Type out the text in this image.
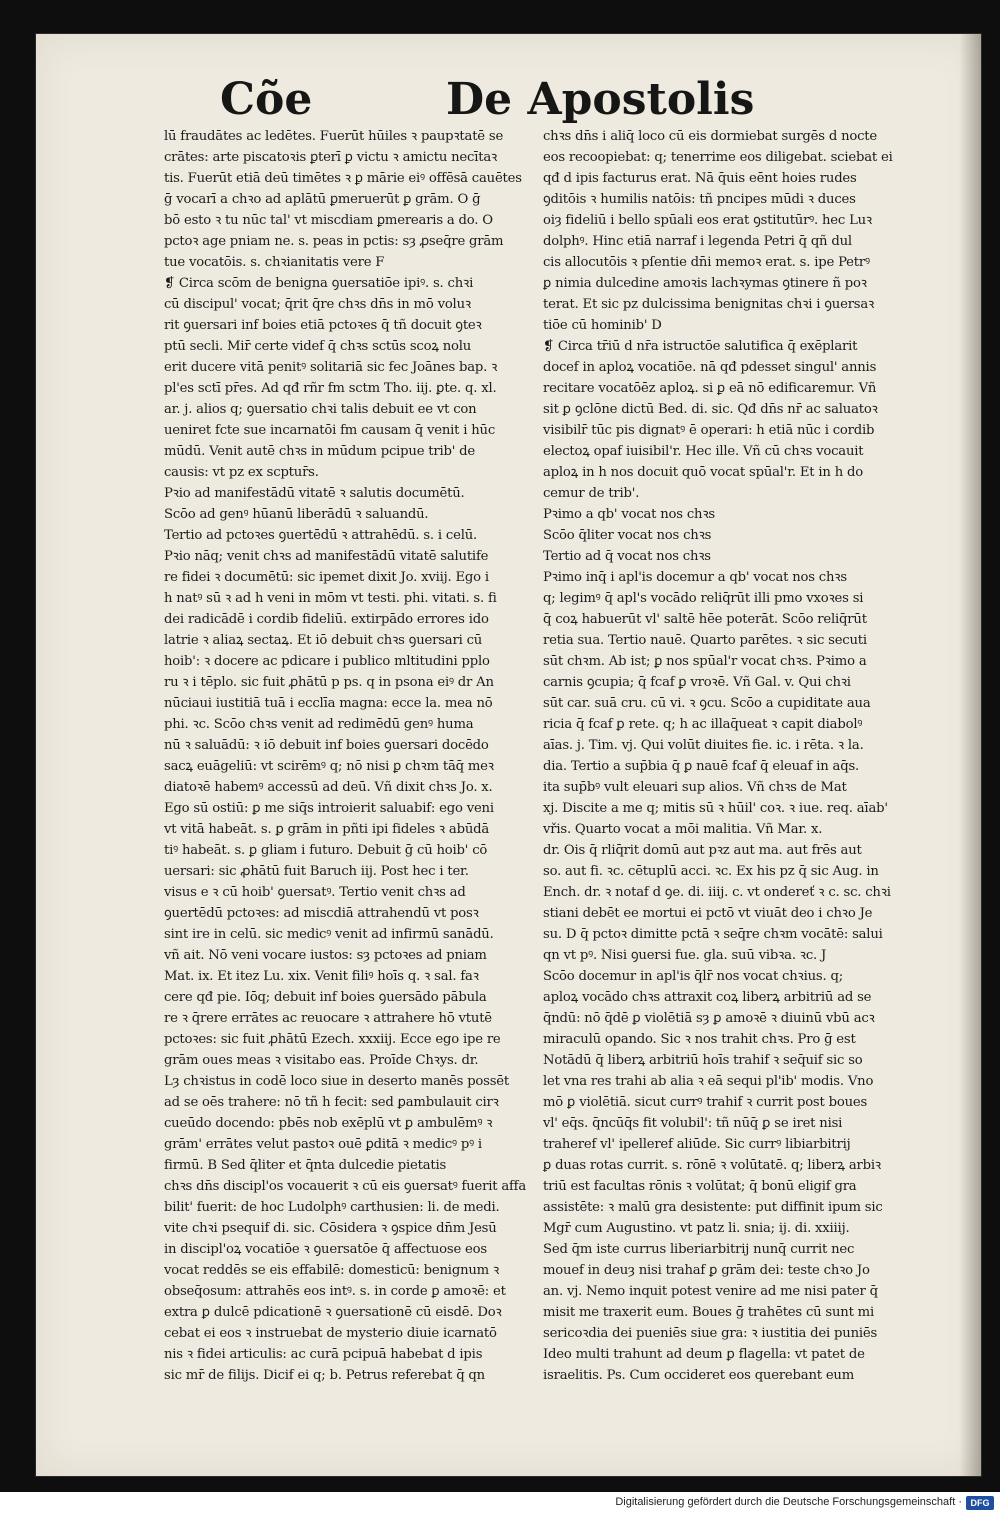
Cõe	De Apostolis
lū fraudātes ac ledētes. Fuerūt hūiles ꝛ paupꝛtatē se
crātes: arte piscatoꝛis ꝑterī ꝑ victu ꝛ amictu necītaꝛ
tis. Fuerūt etiā deū timētes ꝛ ꝑ mārie eiꝰ offēsā cauētes
ḡ vocarī a chꝛo ad aplātū ꝑmeruerūt ꝑ grām. O ḡ
bō esto ꝛ tu nūc tal' vt miscdiam ꝑmerearis a do. O
pctoꝛ age pniam ne. s. peas in pctis: sȝ ꝓseq̄re grām
tue vocatōis. s. chꝛianitatis vere F
❡ Circa scōm de benigna ꝯuersatiōe ipiꝰ. s. chꝛi
cū discipul' vocat; q̄rit q̄re chꝛs dn̄s in mō voluꝛ
rit ꝯuersari inf boies etiā pctoꝛes q̄ tñ docuit ꝯteꝛ
ptū secli. Mir̄ certe videf q̄ chꝛs sctūs scoꝝ nolu
erit ducere vitā penitꝰ solitariā sic fec Joānes bap. ꝛ
pl'es sctī pr̄es. Ad qđ rñr fm sctm Tho. iij. ꝑte. q. xl.
ar. j. alios q; ꝯuersatio chꝛi talis debuit ee vt con
ueniret fcte sue incarnatōi fm causam q̄ venit i hūc
mūdū. Venit autē chꝛs in mūdum pcipue trib' de
causis: vt pz ex scptur̄s.
Pꝛio ad manifestādū vitatē ꝛ salutis documētū.
Scōo ad genꝰ hūanū liberādū ꝛ saluandū.
Tertio ad pctoꝛes ꝯuertēdū ꝛ attrahēdū. s. i celū.
Pꝛio nāq; venit chꝛs ad manifestādū vitatē salutife
re fidei ꝛ documētū: sic ipemet dixit Jo. xviij. Ego i
h natꝰ sū ꝛ ad h veni in mōm vt testi. phi. vitati. s. fi
dei radicādē i cordib fideliū. extirpādo errores ido
latrie ꝛ aliaꝝ sectaꝝ. Et iō debuit chꝛs ꝯuersari cū
hoib': ꝛ docere ac pdicare i publico mltitudini pplo
ru ꝛ i tēplo. sic fuit ꝓhātū p ps. q in psona eiꝰ dr An
nūciaui iustitiā tuā i ecclīa magna: ecce la. mea nō
phi. ꝛc. Scōo chꝛs venit ad redimēdū genꝰ huma
nū ꝛ saluādū: ꝛ iō debuit inf boies ꝯuersari docēdo
sacꝝ euāgeliū: vt scirēmꝰ q; nō nisi ꝑ chꝛm tāq̄ meꝛ
diatoꝛē habemꝰ accessū ad deū. Vñ dixit chꝛs Jo. x.
Ego sū ostiū: ꝑ me siq̄s introierit saluabif: ego veni
vt vitā habeāt. s. ꝑ grām in pñti ipi fideles ꝛ abūdā
tiꝰ habeāt. s. ꝑ gliam i futuro. Debuit ḡ cū hoib' cō
uersari: sic ꝓhātū fuit Baruch iij. Post hec i ter.
visus e ꝛ cū hoib' ꝯuersatꝰ. Tertio venit chꝛs ad
ꝯuertēdū pctoꝛes: ad miscdiā attrahendū vt posꝛ
sint ire in celū. sic medicꝰ venit ad infirmū sanādū.
vñ ait. Nō veni vocare iustos: sȝ pctoꝛes ad pniam
Mat. ix. Et itez Lu. xix. Venit filiꝰ hoīs q. ꝛ sal. faꝛ
cere qđ pie. Iōq; debuit inf boies ꝯuersādo pābula
re ꝛ q̄rere errātes ac reuocare ꝛ attrahere hō vtutē
pctoꝛes: sic fuit ꝓhātū Ezech. xxxiij. Ecce ego ipe re
grām oues meas ꝛ visitabo eas. Proīde Chꝛys. dr.
Lȝ chꝛistus in codē loco siue in deserto manēs possēt
ad se oēs trahere: nō tñ h fecit: sed ꝑambulauit cirꝛ
cueūdo docendo: pbēs nob exēplū vt ꝑ ambulēmꝰ ꝛ
grām' errātes velut pastoꝛ ouē ꝑditā ꝛ medicꝰ pꝰ i
firmū. B Sed q̄liter et q̄nta dulcedie pietatis
chꝛs dn̄s discipl'os vocauerit ꝛ cū eis ꝯuersatꝰ fuerit affa
bilit' fuerit: de hoc Ludolphꝰ carthusien: li. de medi.
vite chꝛi psequif di. sic. Cōsidera ꝛ ꝯspice dn̄m Jesū
in discipl'oꝝ vocatiōe ꝛ ꝯuersatōe q̄ affectuose eos
vocat reddēs se eis effabilē: domesticū: benignum ꝛ
obseq̄osum: attrahēs eos intꝰ. s. in corde ꝑ amoꝛē: et
extra ꝑ dulcē pdicationē ꝛ ꝯuersationē cū eisdē. Doꝛ
cebat ei eos ꝛ instruebat de mysterio diuie icarnatō
nis ꝛ fidei articulis: ac curā pcipuā habebat d ipis
sic mr̄ de filijs. Dicif ei q; b. Petrus referebat q̄ qn
chꝛs dn̄s i aliq̄ loco cū eis dormiebat surgēs d nocte
eos recoopiebat: q; tenerrime eos diligebat. sciebat ei
qđ d ipis facturus erat. Nā q̄uis eēnt hoies rudes
ꝯditōis ꝛ humilis natōis: tñ pncipes mūdi ꝛ duces
oiȝ fideliū i bello spūali eos erat ꝯstitutūrꝰ. hec Luꝛ
dolphꝰ. Hinc etiā narraf i legenda Petri q̄ qñ dul
cis allocutōis ꝛ pſentie dn̄i memoꝛ erat. s. ipe Petrꝰ
ꝑ nimia dulcedine amoꝛis lachꝛymas ꝯtinere ñ poꝛ
terat. Et sic pz dulcissima benignitas chꝛi i ꝯuersaꝛ
tiōe cū hominib' D
❡ Circa tr̄iū d nr̄a istructōe salutifica q̄ exēplarit
docef in aploꝝ vocatiōe. nā qđ pdesset singul' annis
recitare vocatōēz aploꝝ. si ꝑ eā nō edificaremur. Vñ
sit ꝑ ꝯclōne dictū Bed. di. sic. Qđ dn̄s nr̄ ac saluatoꝛ
visibilr̄ tūc pis dignatꝰ ē operari: h etiā nūc i cordib
electoꝝ opaf iuisibil'r. Hec ille. Vñ cū chꝛs vocauit
aploꝝ in h nos docuit quō vocat spūal'r. Et in h do
cemur de trib'.
Pꝛimo a qb' vocat nos chꝛs
Scōo q̄liter vocat nos chꝛs
Tertio ad q̄ vocat nos chꝛs
Pꝛimo inq̄ i apl'is docemur a qb' vocat nos chꝛs
q; legimꝰ q̄ apl's vocādo reliq̄rūt illi pmo vxoꝛes si
q̄ coꝝ habuerūt vl' saltē hēe poterāt. Scōo reliq̄rūt
retia sua. Tertio nauē. Quarto parētes. ꝛ sic secuti
sūt chꝛm. Ab ist; ꝑ nos spūal'r vocat chꝛs. Pꝛimo a
carnis ꝯcupia; q̄ fcaf ꝑ vroꝛē. Vñ Gal. v. Qui chꝛi
sūt car. suā cru. cū vi. ꝛ ꝯcu. Scōo a cupiditate aua
ricia q̄ fcaf ꝑ rete. q; h ac illaq̄ueat ꝛ capit diabolꝰ
aīas. j. Tim. vj. Qui volūt diuites fie. ic. i rēta. ꝛ la.
dia. Tertio a sup̄bia q̄ ꝑ nauē fcaf q̄ eleuaf in aq̄s.
ita sup̄bꝰ vult eleuari sup alios. Vñ chꝛs de Mat
xj. Discite a me q; mitis sū ꝛ hūil' coꝛ. ꝛ iue. req. aīab'
vřis. Quarto vocat a mōi malitia. Vñ Mar. x.
dr. Ois q̄ rliq̄rit domū aut pꝛz aut ma. aut frēs aut
so. aut fi. ꝛc. cētuplū acci. ꝛc. Ex his pz q̄ sic Aug. in
Ench. dr. ꝛ notaf d ꝯe. di. iiij. c. vt ondereť ꝛ c. sc. chꝛi
stiani debēt ee mortui ei pctō vt viuāt deo i chꝛo Je
su. D q̄ pctoꝛ dimitte pctā ꝛ seq̄re chꝛm vocātē: salui
qn vt pꝰ. Nisi ꝯuersi fue. gla. suū vibꝛa. ꝛc. J
Scōo docemur in apl'is q̄lr̄ nos vocat chꝛius. q;
aploꝝ vocādo chꝛs attraxit coꝝ liberꝝ arbitriū ad se
q̄ndū: nō q̄dē ꝑ violētiā sȝ ꝑ amoꝛē ꝛ diuinū vbū acꝛ
miraculū opando. Sic ꝛ nos trahit chꝛs. Pro ḡ est
Notādū q̄ liberꝝ arbitriū hoīs trahif ꝛ seq̄uif sic so
let vna res trahi ab alia ꝛ eā sequi pl'ib' modis. Vno
mō ꝑ violētiā. sicut currꝰ trahif ꝛ currit post boues
vl' eq̄s. q̄ncūq̄s fit volubil': tñ nūq̄ ꝑ se iret nisi
traheref vl' ipelleref aliūde. Sic currꝰ libiarbitrij
ꝑ duas rotas currit. s. rōnē ꝛ volūtatē. q; liberꝝ arbiꝛ
triū est facultas rōnis ꝛ volūtat; q̄ bonū eligif gra
assistēte: ꝛ malū gra desistente: put diffinit ipum sic
Mgr̄ cum Augustino. vt patz li. snia; ij. di. xxiiij.
Sed q̄m iste currus liberiarbitrij nunq̄ currit nec
mouef in deuȝ nisi trahaf ꝑ grām dei: teste chꝛo Jo
an. vj. Nemo inquit potest venire ad me nisi pater q̄
misit me traxerit eum. Boues ḡ trahētes cū sunt mi
sericoꝛdia dei pueniēs siue gra: ꝛ iustitia dei puniēs
Ideo multi trahunt ad deum ꝑ flagella: vt patet de
israelitis. Ps. Cum occideret eos querebant eum
Digitalisierung gefördert durch die Deutsche Forschungsgemeinschaft · DFG
